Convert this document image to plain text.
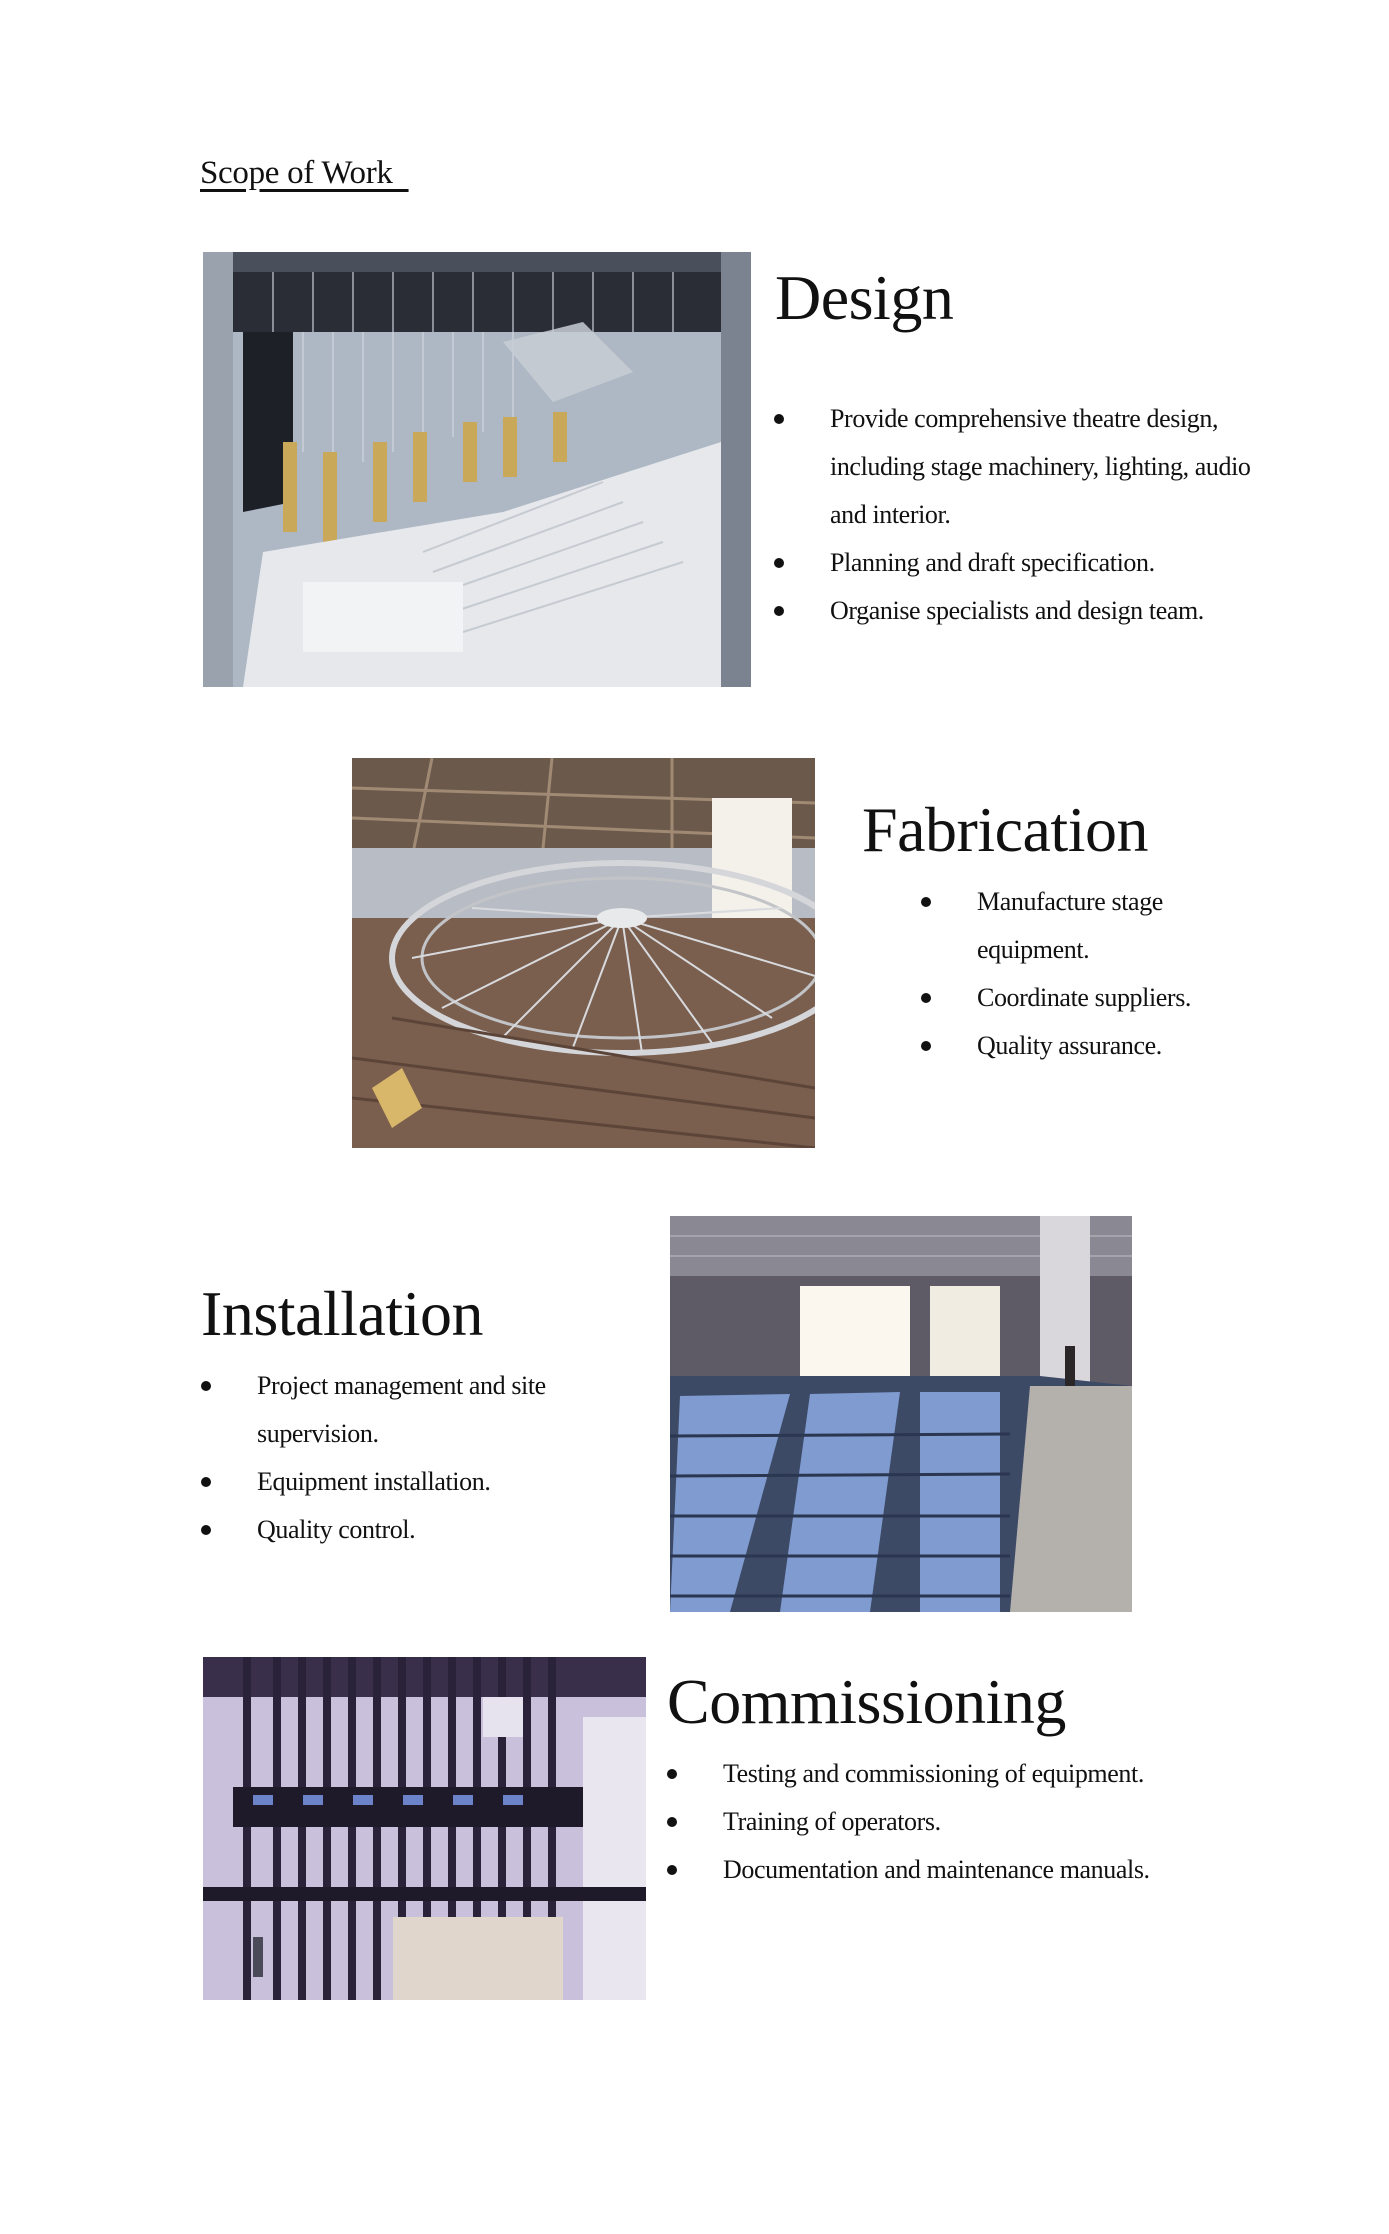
Scope of Work
Design
Provide comprehensive theatre design, including stage machinery, lighting, audio and interior.
Planning and draft specification.
Organise specialists and design team.
Fabrication
Manufacture stage equipment.
Coordinate suppliers.
Quality assurance.
Installation
Project management and site supervision.
Equipment installation.
Quality control.
Commissioning
Testing and commissioning of equipment.
Training of operators.
Documentation and maintenance manuals.
